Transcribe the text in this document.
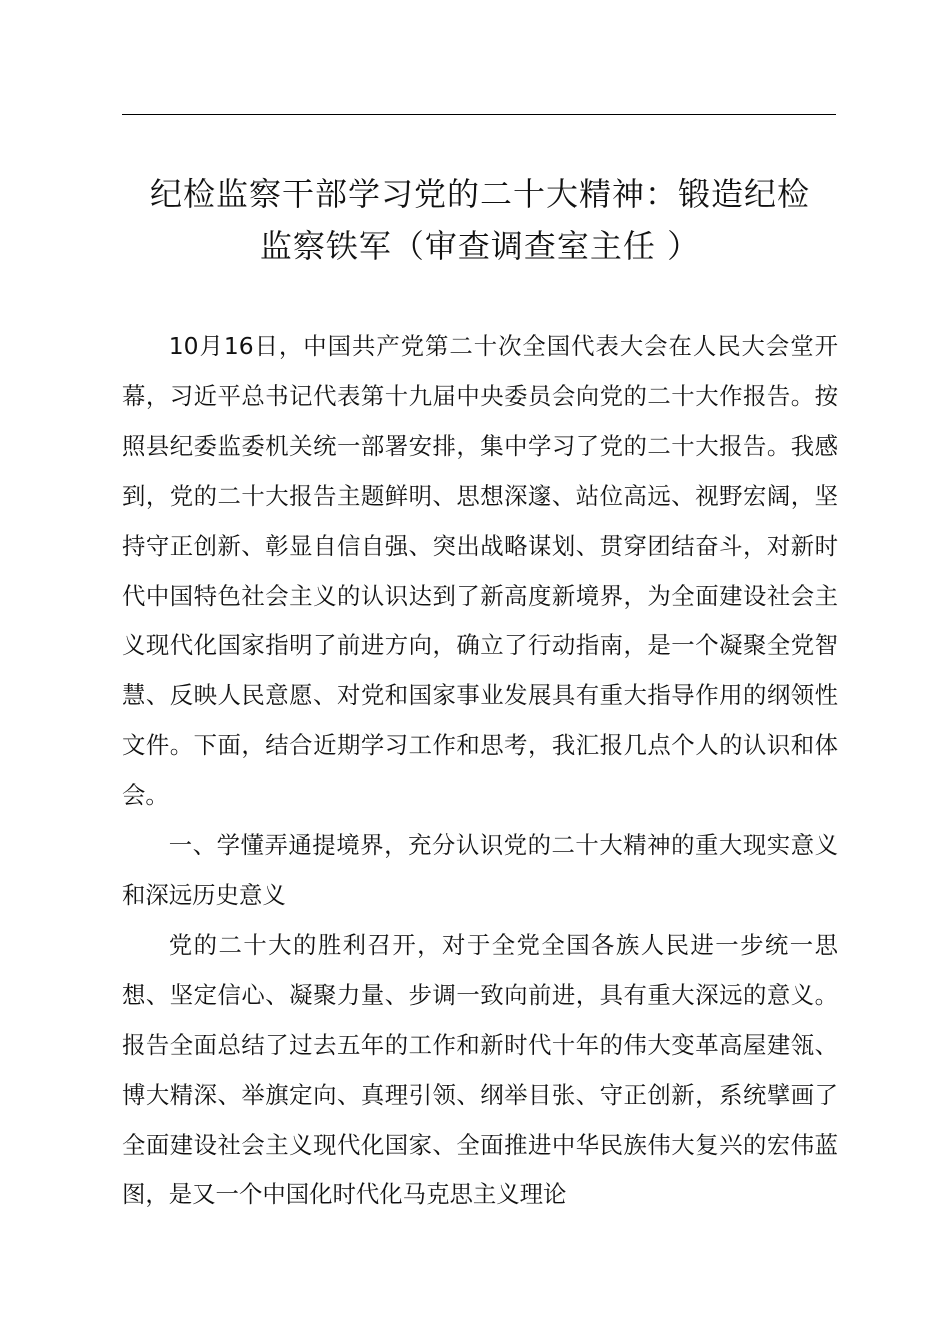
纪检监察干部学习党的二十大精神：锻造纪检
监察铁军（审查调查室主任 ）

10月16日，中国共产党第二十次全国代表大会在人民大会堂开幕，习近平总书记代表第十九届中央委员会向党的二十大作报告。按照县纪委监委机关统一部署安排，集中学习了党的二十大报告。我感到，党的二十大报告主题鲜明、思想深邃、站位高远、视野宏阔，坚持守正创新、彰显自信自强、突出战略谋划、贯穿团结奋斗，对新时代中国特色社会主义的认识达到了新高度新境界，为全面建设社会主义现代化国家指明了前进方向，确立了行动指南，是一个凝聚全党智慧、反映人民意愿、对党和国家事业发展具有重大指导作用的纲领性文件。下面，结合近期学习工作和思考，我汇报几点个人的认识和体会。

一、学懂弄通提境界，充分认识党的二十大精神的重大现实意义和深远历史意义

党的二十大的胜利召开，对于全党全国各族人民进一步统一思想、坚定信心、凝聚力量、步调一致向前进，具有重大深远的意义。报告全面总结了过去五年的工作和新时代十年的伟大变革高屋建瓴、博大精深、举旗定向、真理引领、纲举目张、守正创新，系统擘画了全面建设社会主义现代化国家、全面推进中华民族伟大复兴的宏伟蓝图，是又一个中国化时代化马克思主义理论
